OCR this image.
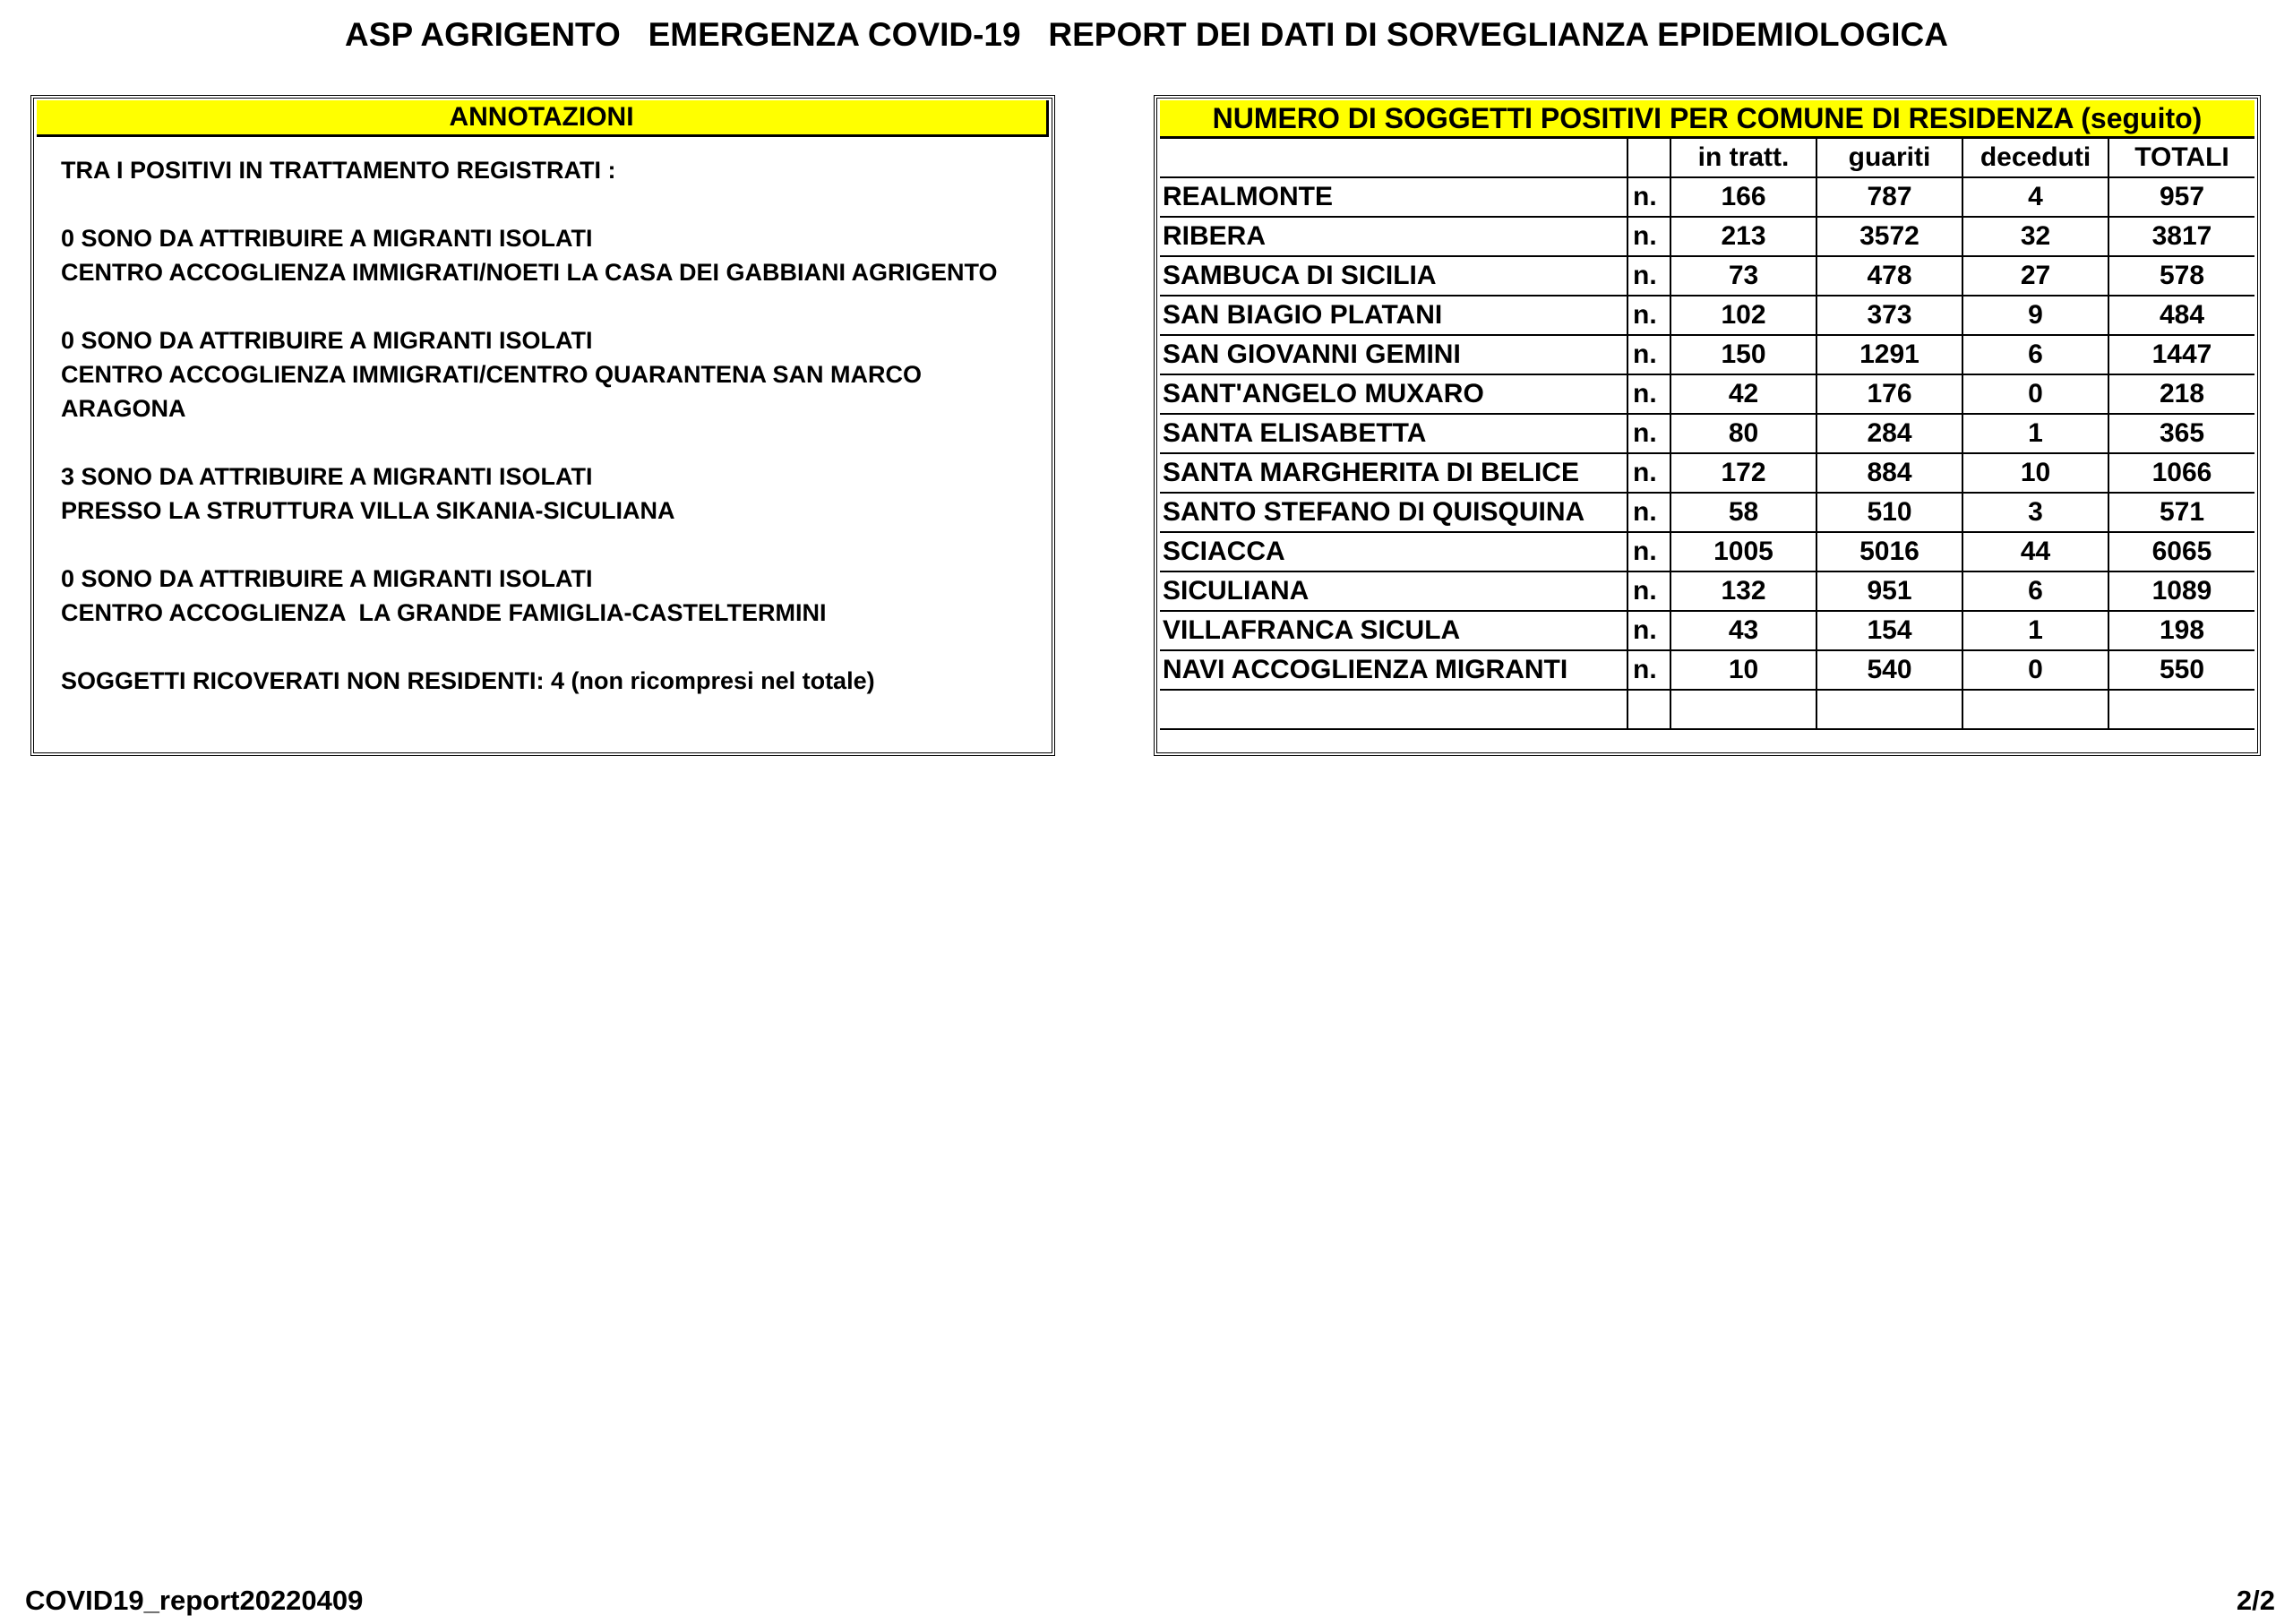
ASP AGRIGENTO   EMERGENZA COVID-19   REPORT DEI DATI DI SORVEGLIANZA EPIDEMIOLOGICA
ANNOTAZIONI
TRA I POSITIVI IN TRATTAMENTO REGISTRATI :
0 SONO DA ATTRIBUIRE A MIGRANTI ISOLATI
CENTRO ACCOGLIENZA IMMIGRATI/NOETI LA CASA DEI GABBIANI AGRIGENTO
0 SONO DA ATTRIBUIRE A MIGRANTI ISOLATI
CENTRO ACCOGLIENZA IMMIGRATI/CENTRO QUARANTENA SAN MARCO
ARAGONA
3 SONO DA ATTRIBUIRE A MIGRANTI ISOLATI
PRESSO LA STRUTTURA VILLA SIKANIA-SICULIANA
0 SONO DA ATTRIBUIRE A MIGRANTI ISOLATI
CENTRO ACCOGLIENZA  LA GRANDE FAMIGLIA-CASTELTERMINI
SOGGETTI RICOVERATI NON RESIDENTI: 4 (non ricompresi nel totale)
NUMERO DI SOGGETTI POSITIVI PER COMUNE DI RESIDENZA (seguito)
		in tratt.	guariti	deceduti	TOTALI
REALMONTE	n.	166	787	4	957
RIBERA	n.	213	3572	32	3817
SAMBUCA DI SICILIA	n.	73	478	27	578
SAN BIAGIO PLATANI	n.	102	373	9	484
SAN GIOVANNI GEMINI	n.	150	1291	6	1447
SANT'ANGELO MUXARO	n.	42	176	0	218
SANTA ELISABETTA	n.	80	284	1	365
SANTA MARGHERITA DI BELICE	n.	172	884	10	1066
SANTO STEFANO DI QUISQUINA	n.	58	510	3	571
SCIACCA	n.	1005	5016	44	6065
SICULIANA	n.	132	951	6	1089
VILLAFRANCA SICULA	n.	43	154	1	198
NAVI ACCOGLIENZA MIGRANTI	n.	10	540	0	550

COVID19_report20220409	2/2
